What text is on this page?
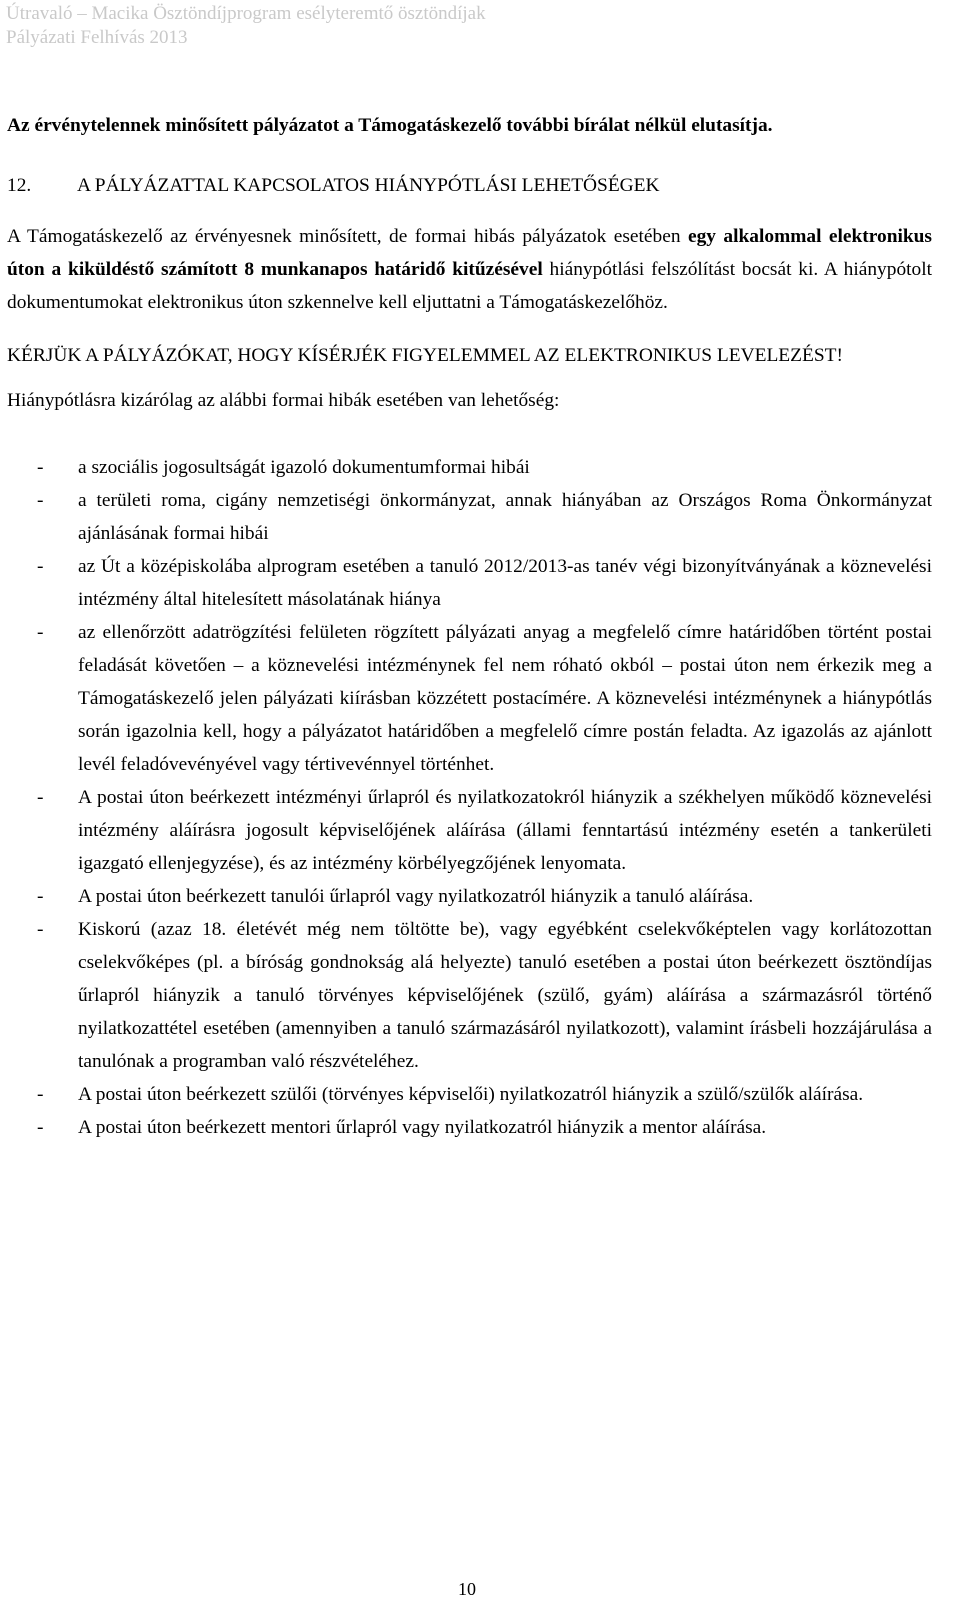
Útravaló – Macika Ösztöndíjprogram esélyteremtő ösztöndíjak
Pályázati Felhívás 2013

Az érvénytelennek minősített pályázatot a Támogatáskezelő további bírálat nélkül elutasítja.

12. A PÁLYÁZATTAL KAPCSOLATOS HIÁNYPÓTLÁSI LEHETŐSÉGEK

A Támogatáskezelő az érvényesnek minősített, de formai hibás pályázatok esetében egy alkalommal elektronikus úton a kiküldéstő számított 8 munkanapos határidő kitűzésével hiánypótlási felszólítást bocsát ki. A hiánypótolt dokumentumokat elektronikus úton szkennelve kell eljuttatni a Támogatáskezelőhöz.

KÉRJÜK A PÁLYÁZÓKAT, HOGY KÍSÉRJÉK FIGYELEMMEL AZ ELEKTRONIKUS LEVELEZÉST!

Hiánypótlásra kizárólag az alábbi formai hibák esetében van lehetőség:

- a szociális jogosultságát igazoló dokumentumformai hibái
- a területi roma, cigány nemzetiségi önkormányzat, annak hiányában az Országos Roma Önkormányzat ajánlásának formai hibái
- az Út a középiskolába alprogram esetében a tanuló 2012/2013-as tanév végi bizonyítványának a köznevelési intézmény által hitelesített másolatának hiánya
- az ellenőrzött adatrögzítési felületen rögzített pályázati anyag a megfelelő címre határidőben történt postai feladását követően – a köznevelési intézménynek fel nem róható okból – postai úton nem érkezik meg a Támogatáskezelő jelen pályázati kiírásban közzétett postacímére. A köznevelési intézménynek a hiánypótlás során igazolnia kell, hogy a pályázatot határidőben a megfelelő címre postán feladta. Az igazolás az ajánlott levél feladóvevényével vagy tértivevénnyel történhet.
- A postai úton beérkezett intézményi űrlapról és nyilatkozatokról hiányzik a székhelyen működő köznevelési intézmény aláírásra jogosult képviselőjének aláírása (állami fenntartású intézmény esetén a tankerületi igazgató ellenjegyzése), és az intézmény körbélyegzőjének lenyomata.
- A postai úton beérkezett tanulói űrlapról vagy nyilatkozatról hiányzik a tanuló aláírása.
- Kiskorú (azaz 18. életévét még nem töltötte be), vagy egyébként cselekvőképtelen vagy korlátozottan cselekvőképes (pl. a bíróság gondnokság alá helyezte) tanuló esetében a postai úton beérkezett ösztöndíjas űrlapról hiányzik a tanuló törvényes képviselőjének (szülő, gyám) aláírása a származásról történő nyilatkozattétel esetében (amennyiben a tanuló származásáról nyilatkozott), valamint írásbeli hozzájárulása a tanulónak a programban való részvételéhez.
- A postai úton beérkezett szülői (törvényes képviselői) nyilatkozatról hiányzik a szülő/szülők aláírása.
- A postai úton beérkezett mentori űrlapról vagy nyilatkozatról hiányzik a mentor aláírása.
10
